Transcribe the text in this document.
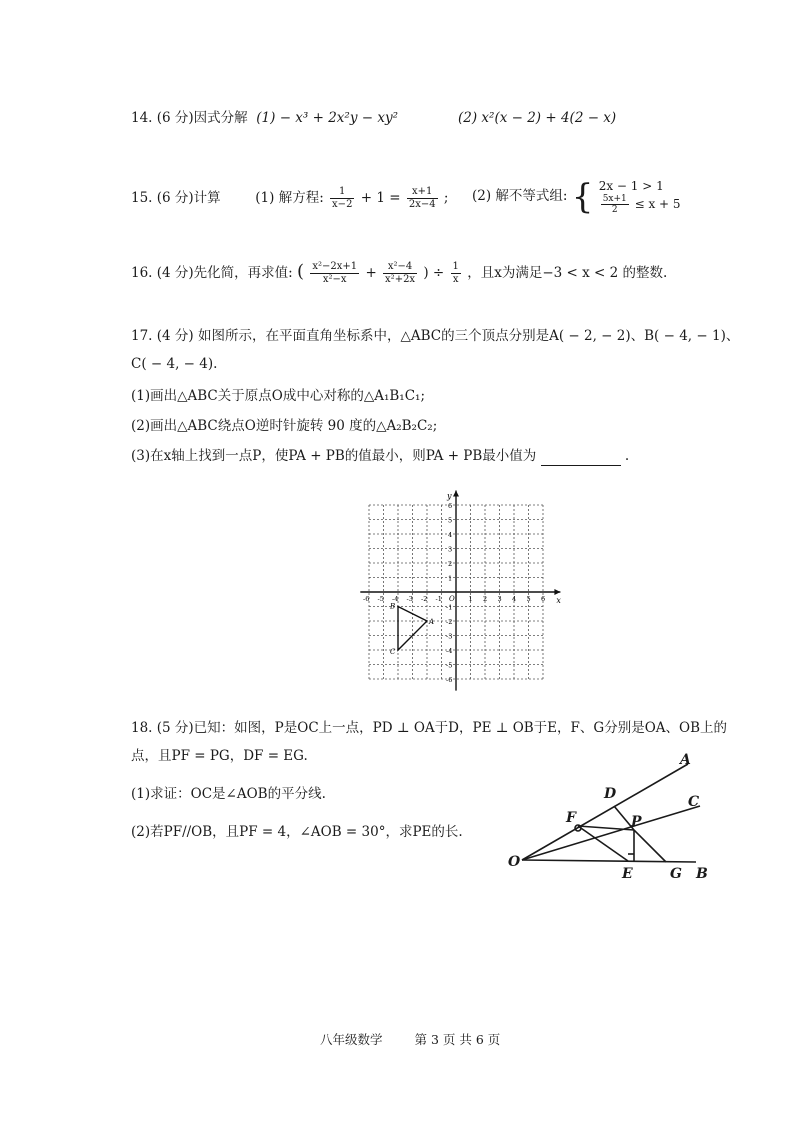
14. (6 分)因式分解 (1) − x³ + 2x²y − xy²	(2) x²(x − 2) + 4(2 − x)
15. (6 分)计算	(1) 解方程: $\frac{1}{x-2} + 1 = \frac{x+1}{2x-4}$ ; (2) 解不等式组: { 2x − 1 > 1
$\frac{5x+1}{2} \le x + 5$
16. (4 分)先化简，再求值: ( $\frac{\text{x²−2x+1}}{\text{x²−x}} + \frac{\text{x²−4}}{\text{x²+2x}}$ ) ÷ $\frac{1}{x}$ ，且x为满足−3 < x < 2 的整数.
17. (4 分) 如图所示，在平面直角坐标系中，△ABC的三个顶点分别是A( − 2, − 2)、B( − 4, − 1)、
C( − 4, − 4).
(1)画出△ABC关于原点O成中心对称的△A₁B₁C₁;
(2)画出△ABC绕点O逆时针旋转 90 度的△A₂B₂C₂;
(3)在x轴上找到一点P，使PA + PB的值最小，则PA + PB最小值为	.
x
y
O
-6 -5 -4 -3 -2 -1	1 2 3 4 5 6
6
5
4
3
2
1
-1
-2
-3
-4
-5
-6
A
B
C
18. (5 分)已知：如图，P是OC上一点，PD ⊥ OA于D，PE ⊥ OB于E，F、G分别是OA、OB上的
点，且PF = PG，DF = EG.
(1)求证：OC是∠AOB的平分线.
(2)若PF//OB，且PF = 4，∠AOB = 30°，求PE的长.
A
D	C
F	P
O
E	G B
八年级数学	第 3 页 共 6 页
